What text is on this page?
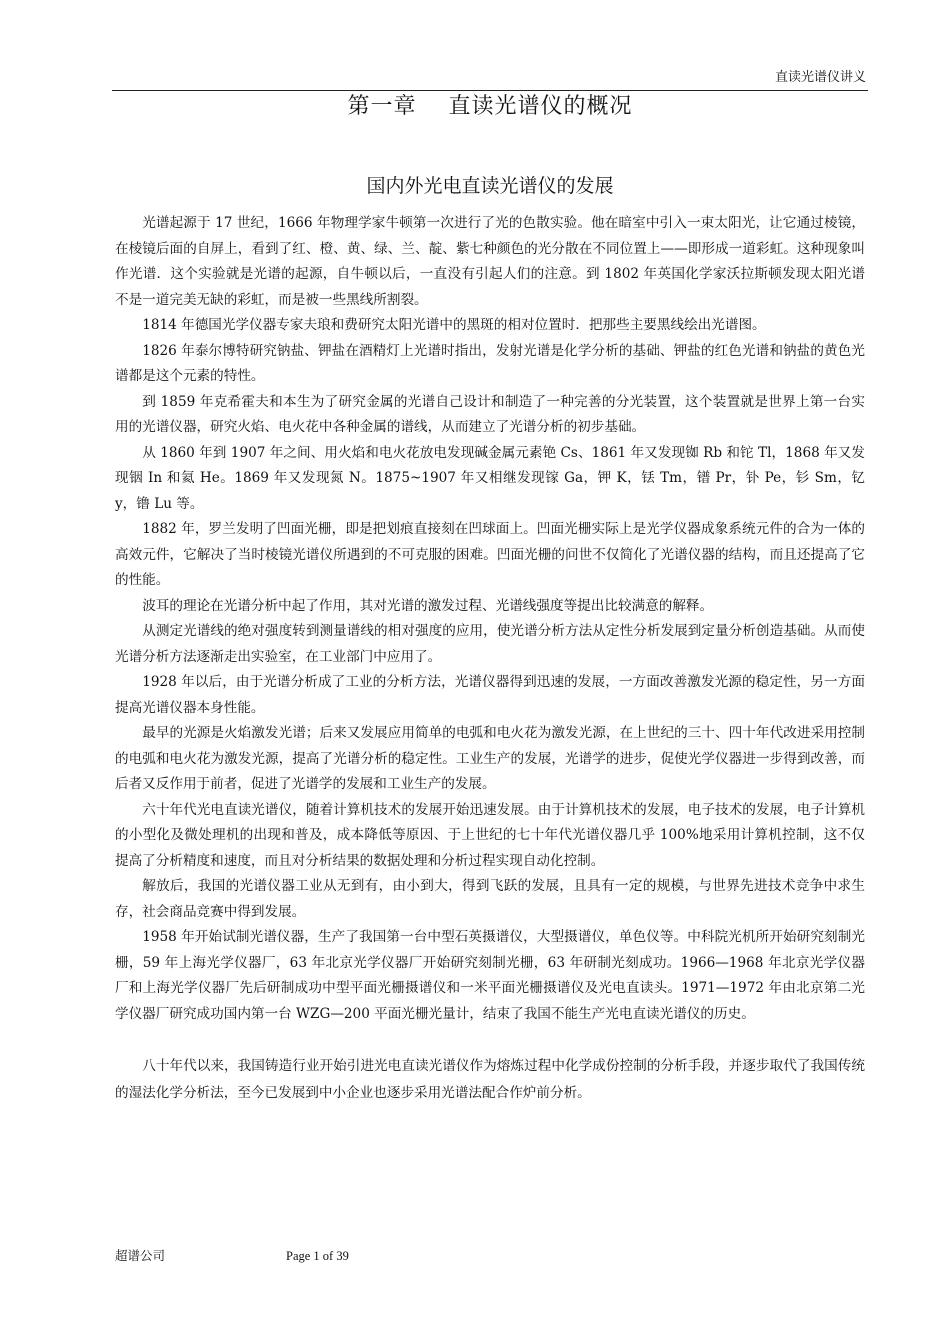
直读光谱仪讲义
第一章    直读光谱仪的概况
国内外光电直读光谱仪的发展

光谱起源于 17 世纪，1666 年物理学家牛顿第一次进行了光的色散实验。他在暗室中引入一束太阳光，让它通过棱镜，在棱镜后面的自屏上，看到了红、橙、黄、绿、兰、靛、紫七种颜色的光分散在不同位置上——即形成一道彩虹。这种现象叫作光谱．这个实验就是光谱的起源，自牛顿以后，一直没有引起人们的注意。到 1802 年英国化学家沃拉斯顿发现太阳光谱不是一道完美无缺的彩虹，而是被一些黑线所割裂。

1814 年德国光学仪器专家夫琅和费研究太阳光谱中的黑斑的相对位置时．把那些主要黑线绘出光谱图。

1826 年泰尔博特研究钠盐、钾盐在酒精灯上光谱时指出，发射光谱是化学分析的基础、钾盐的红色光谱和钠盐的黄色光谱都是这个元素的特性。

到 1859 年克希霍夫和本生为了研究金属的光谱自己设计和制造了一种完善的分光装置，这个装置就是世界上第一台实用的光谱仪器，研究火焰、电火花中各种金属的谱线，从而建立了光谱分析的初步基础。

从 1860 年到 1907 年之间、用火焰和电火花放电发现碱金属元素铯 Cs、1861 年又发现铷 Rb 和铊 Tl，1868 年又发现铟 In 和氦 He。1869 年又发现氮 N。1875~1907 年又相继发现镓 Ga，钾 K，铥 Tm，镨 Pr，钋 Pe，钐 Sm，钇 y，镥 Lu 等。

1882 年，罗兰发明了凹面光栅，即是把划痕直接刻在凹球面上。凹面光栅实际上是光学仪器成象系统元件的合为一体的高效元件，它解决了当时棱镜光谱仪所遇到的不可克服的困难。凹面光栅的问世不仅简化了光谱仪器的结构，而且还提高了它的性能。

波耳的理论在光谱分析中起了作用，其对光谱的激发过程、光谱线强度等提出比较满意的解释。

从测定光谱线的绝对强度转到测量谱线的相对强度的应用，使光谱分析方法从定性分析发展到定量分析创造基础。从而使光谱分析方法逐渐走出实验室，在工业部门中应用了。

1928 年以后，由于光谱分析成了工业的分析方法，光谱仪器得到迅速的发展，一方面改善激发光源的稳定性，另一方面提高光谱仪器本身性能。

最早的光源是火焰激发光谱；后来又发展应用简单的电弧和电火花为激发光源，在上世纪的三十、四十年代改进采用控制的电弧和电火花为激发光源，提高了光谱分析的稳定性。工业生产的发展，光谱学的进步，促使光学仪器进一步得到改善，而后者又反作用于前者，促进了光谱学的发展和工业生产的发展。

六十年代光电直读光谱仪，随着计算机技术的发展开始迅速发展。由于计算机技术的发展，电子技术的发展，电子计算机的小型化及微处理机的出现和普及，成本降低等原因、于上世纪的七十年代光谱仪器几乎 100%地采用计算机控制，这不仅提高了分析精度和速度，而且对分析结果的数据处理和分析过程实现自动化控制。

解放后，我国的光谱仪器工业从无到有，由小到大，得到飞跃的发展，且具有一定的规模，与世界先进技术竞争中求生存，社会商品竞赛中得到发展。

1958 年开始试制光谱仪器，生产了我国第一台中型石英摄谱仪，大型摄谱仪，单色仪等。中科院光机所开始研究刻制光栅，59 年上海光学仪器厂，63 年北京光学仪器厂开始研究刻制光栅，63 年研制光刻成功。1966—1968 年北京光学仪器厂和上海光学仪器厂先后研制成功中型平面光栅摄谱仪和一米平面光栅摄谱仪及光电直读头。1971—1972 年由北京第二光学仪器厂研究成功国内第一台 WZG—200 平面光栅光量计，结束了我国不能生产光电直读光谱仪的历史。

八十年代以来，我国铸造行业开始引进光电直读光谱仪作为熔炼过程中化学成份控制的分析手段，并逐步取代了我国传统的湿法化学分析法，至今已发展到中小企业也逐步采用光谱法配合作炉前分析。

超谱公司	Page 1 of 39
